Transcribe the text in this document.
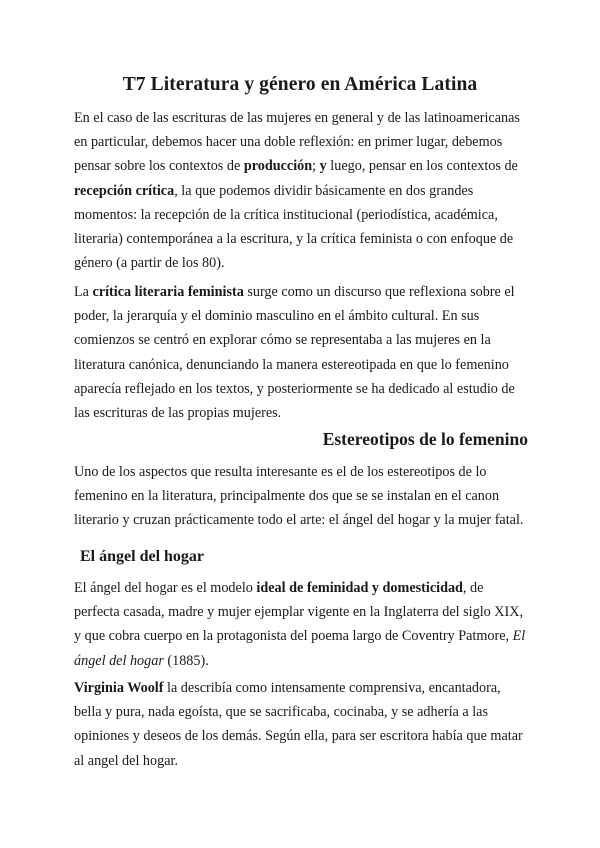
T7 Literatura y género en América Latina

En el caso de las escrituras de las mujeres en general y de las latinoamericanas
en particular, debemos hacer una doble reflexión: en primer lugar, debemos
pensar sobre los contextos de producción; y luego, pensar en los contextos de
recepción crítica, la que podemos dividir básicamente en dos grandes
momentos: la recepción de la crítica institucional (periodística, académica,
literaria) contemporánea a la escritura, y la crítica feminista o con enfoque de
género (a partir de los 80).

La crítica literaria feminista surge como un discurso que reflexiona sobre el
poder, la jerarquía y el dominio masculino en el ámbito cultural. En sus
comienzos se centró en explorar cómo se representaba a las mujeres en la
literatura canónica, denunciando la manera estereotipada en que lo femenino
aparecía reflejado en los textos, y posteriormente se ha dedicado al estudio de
las escrituras de las propias mujeres.

Estereotipos de lo femenino

Uno de los aspectos que resulta interesante es el de los estereotipos de lo
femenino en la literatura, principalmente dos que se se instalan en el canon
literario y cruzan prácticamente todo el arte: el ángel del hogar y la mujer fatal.

El ángel del hogar

El ángel del hogar es el modelo ideal de feminidad y domesticidad, de
perfecta casada, madre y mujer ejemplar vigente en la Inglaterra del siglo XIX,
y que cobra cuerpo en la protagonista del poema largo de Coventry Patmore, El
ángel del hogar (1885).

Virginia Woolf la describía como intensamente comprensiva, encantadora,
bella y pura, nada egoísta, que se sacrificaba, cocinaba, y se adhería a las
opiniones y deseos de los demás. Según ella, para ser escritora había que matar
al angel del hogar.
